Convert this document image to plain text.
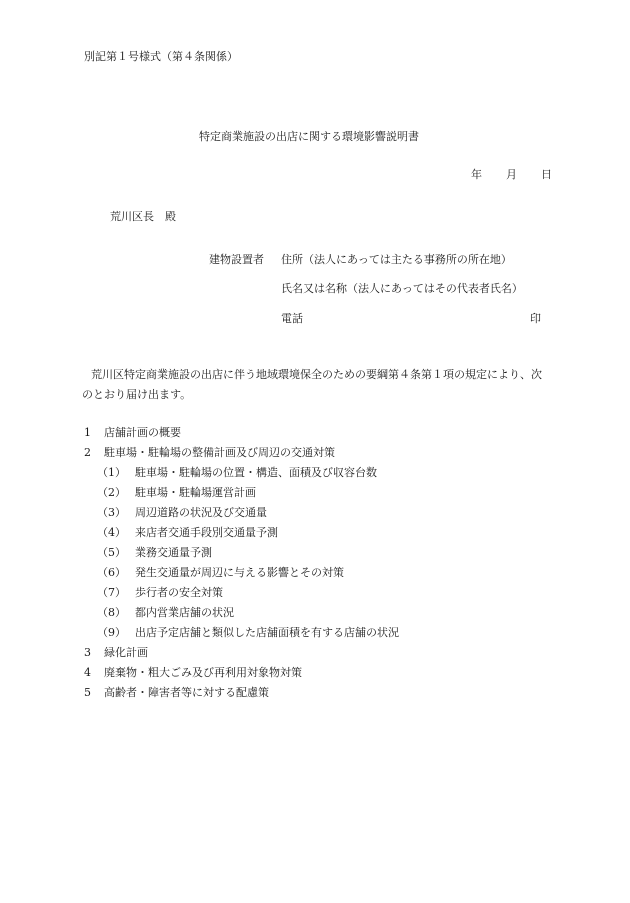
別記第１号様式（第４条関係）
特定商業施設の出店に関する環境影響説明書
年 月 日
荒川区長　殿
建物設置者 住所（法人にあっては主たる事務所の所在地）
氏名又は名称（法人にあってはその代表者氏名）
電話	印
荒川区特定商業施設の出店に伴う地域環境保全のための要綱第４条第１項の規定により、次のとおり届け出ます。
1 店舗計画の概要
2 駐車場・駐輪場の整備計画及び周辺の交通対策
（1） 駐車場・駐輪場の位置・構造、面積及び収容台数
（2） 駐車場・駐輪場運営計画
（3） 周辺道路の状況及び交通量
（4） 来店者交通手段別交通量予測
（5） 業務交通量予測
（6） 発生交通量が周辺に与える影響とその対策
（7） 歩行者の安全対策
（8） 都内営業店舗の状況
（9） 出店予定店舗と類似した店舗面積を有する店舗の状況
3 緑化計画
4 廃棄物・粗大ごみ及び再利用対象物対策
5 高齢者・障害者等に対する配慮策
